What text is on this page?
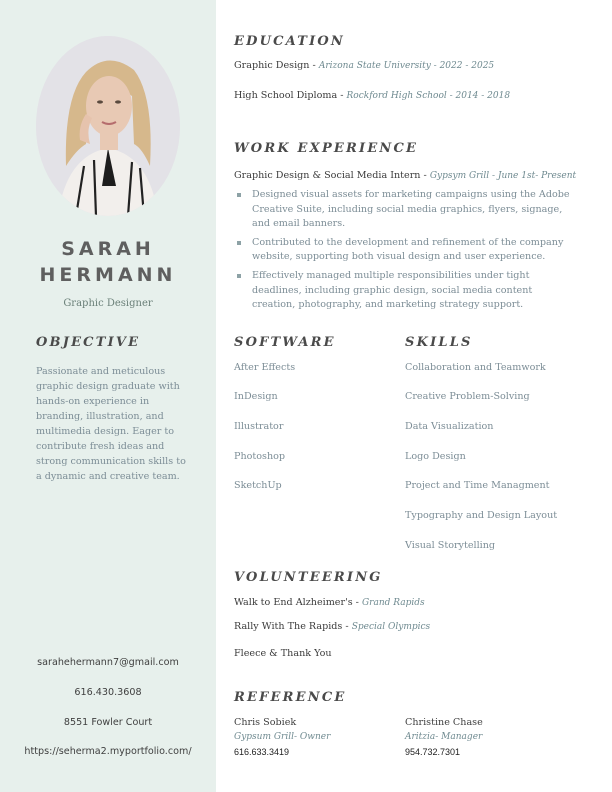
SARAH
HERMANN
Graphic Designer
OBJECTIVE
Passionate and meticulous graphic design graduate with hands-on experience in branding, illustration, and multimedia design. Eager to contribute fresh ideas and strong communication skills to a dynamic and creative team.
sarahehermann7@gmail.com
616.430.3608
8551 Fowler Court
https://seherma2.myportfolio.com/
EDUCATION
Graphic Design - Arizona State University - 2022 - 2025
High School Diploma - Rockford High School - 2014 - 2018
WORK EXPERIENCE
Graphic Design & Social Media Intern - Gypsym Grill - June 1st- Present
Designed visual assets for marketing campaigns using the Adobe Creative Suite, including social media graphics, flyers, signage, and email banners.
Contributed to the development and refinement of the company website, supporting both visual design and user experience.
Effectively managed multiple responsibilities under tight deadlines, including graphic design, social media content creation, photography, and marketing strategy support.
SOFTWARE
After Effects
InDesign
Illustrator
Photoshop
SketchUp
SKILLS
Collaboration and Teamwork
Creative Problem-Solving
Data Visualization
Logo Design
Project and Time Managment
Typography and Design Layout
Visual Storytelling
VOLUNTEERING
Walk to End Alzheimer's - Grand Rapids
Rally With The Rapids - Special Olympics
Fleece & Thank You
REFERENCE
Chris Sobiek
Gypsum Grill- Owner
616.633.3419
Christine Chase
Aritzia- Manager
954.732.7301
